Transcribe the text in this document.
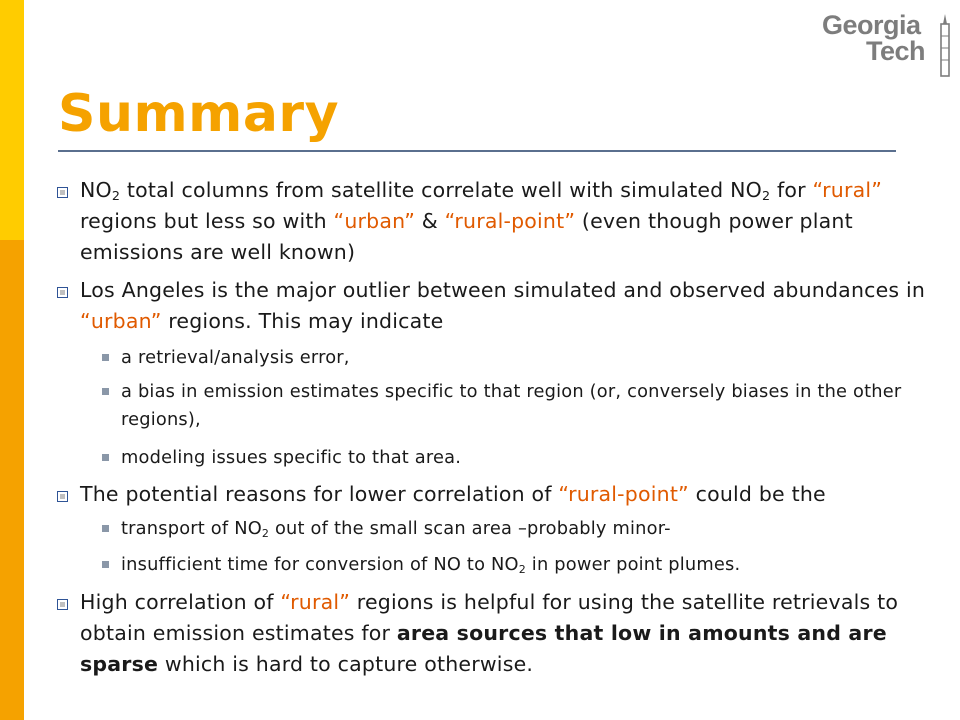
Georgia
Tech
Summary
$NO_2$ total columns from satellite correlate well with simulated $NO_2$ for “rural” regions but less so with “urban” & “rural-point” (even though power plant emissions are well known)
Los Angeles is the major outlier between simulated and observed abundances in “urban” regions. This may indicate
a retrieval/analysis error,
a bias in emission estimates specific to that region (or, conversely biases in the other regions),
modeling issues specific to that area.
The potential reasons for lower correlation of “rural-point” could be the
transport of $NO_2$ out of the small scan area –probably minor-
insufficient time for conversion of NO to $NO_2$ in power point plumes.
High correlation of “rural” regions is helpful for using the satellite retrievals to obtain emission estimates for area sources that low in amounts and are sparse which is hard to capture otherwise.
